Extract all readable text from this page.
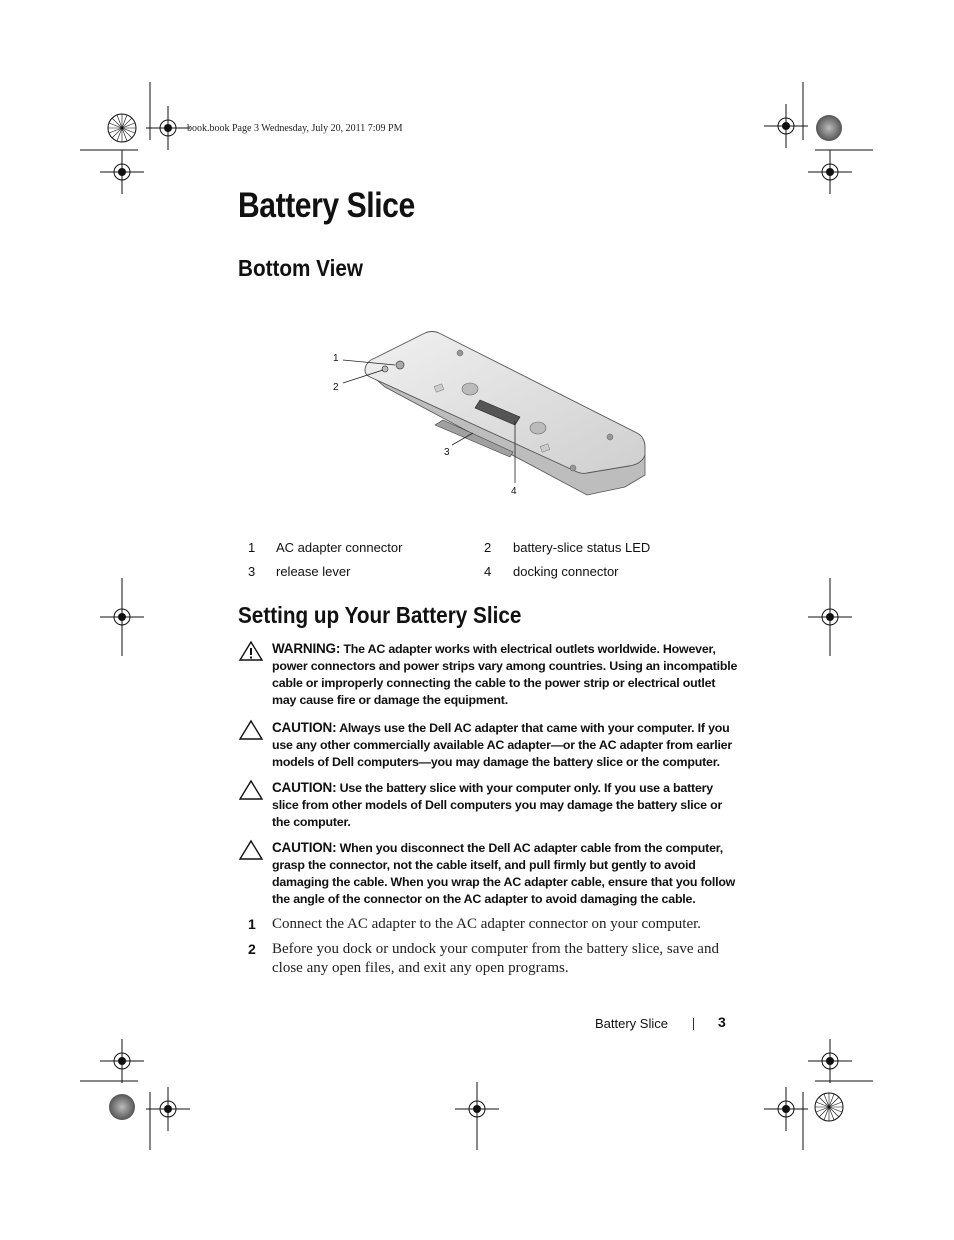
book.book Page 3 Wednesday, July 20, 2011 7:09 PM
Battery Slice
Bottom View
1
2
3
4
1 AC adapter connector	2 battery-slice status LED
3 release lever	4 docking connector
Setting up Your Battery Slice
WARNING: The AC adapter works with electrical outlets worldwide. However, power connectors and power strips vary among countries. Using an incompatible cable or improperly connecting the cable to the power strip or electrical outlet may cause fire or damage the equipment.
CAUTION: Always use the Dell AC adapter that came with your computer. If you use any other commercially available AC adapter—or the AC adapter from earlier models of Dell computers—you may damage the battery slice or the computer.
CAUTION: Use the battery slice with your computer only. If you use a battery slice from other models of Dell computers you may damage the battery slice or the computer.
CAUTION: When you disconnect the Dell AC adapter cable from the computer, grasp the connector, not the cable itself, and pull firmly but gently to avoid damaging the cable. When you wrap the AC adapter cable, ensure that you follow the angle of the connector on the AC adapter to avoid damaging the cable.
1 Connect the AC adapter to the AC adapter connector on your computer.
2 Before you dock or undock your computer from the battery slice, save and close any open files, and exit any open programs.
Battery Slice	3
